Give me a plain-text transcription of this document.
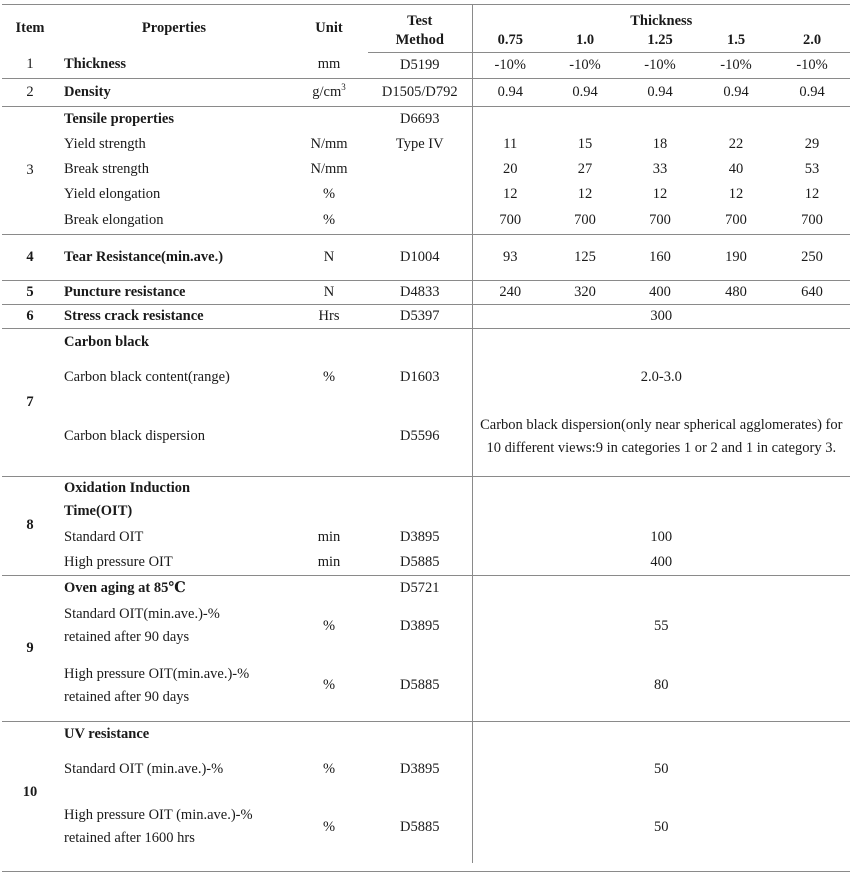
Item	Properties	Unit	Test	Thickness				
			Method	0.75	1.0	1.25	1.5	2.0
1	Thickness	mm	D5199	-10%	-10%	-10%	-10%	-10%
2	Density	$g/cm^3$	D1505/D792	0.94	0.94	0.94	0.94	0.94
3	Tensile properties		D6693					
	Yield strength	N/mm	Type IV	11	15	18	22	29
	Break strength	N/mm		20	27	33	40	53
	Yield elongation	%		12	12	12	12	12
	Break elongation	%		700	700	700	700	700
4	Tear Resistance(min.ave.)	N	D1004	93	125	160	190	250
5	Puncture resistance	N	D4833	240	320	400	480	640
6	Stress crack resistance	Hrs	D5397	300				
7	Carbon black							
	Carbon black content(range)	%	D1603	2.0-3.0				
	Carbon black dispersion		D5596	Carbon black dispersion(only near spherical agglomerates) for 10 different views:9 in categories 1 or 2 and 1 in category 3.				

8	Oxidation Induction
Time(OIT)							
	Standard OIT	min	D3895	100				
	High pressure OIT	min	D5885	400				
9	Oven aging at 85℃		D5721					
	Standard OIT(min.ave.)-%
retained after 90 days	%	D3895	55				
	High pressure OIT(min.ave.)-%
retained after 90 days	%	D5885	80				
10	UV resistance							
	Standard OIT (min.ave.)-%	%	D3895	50				
	High pressure OIT (min.ave.)-%
retained after 1600 hrs	%	D5885	50				
